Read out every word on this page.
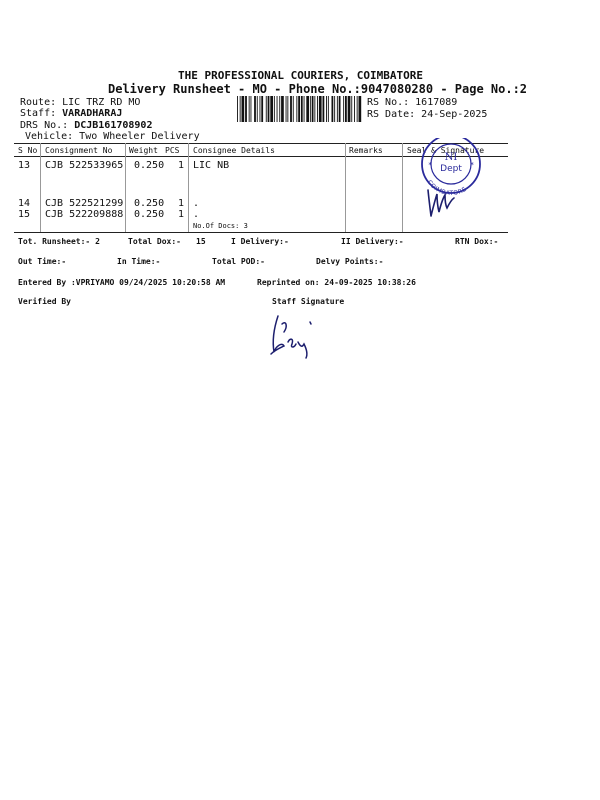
THE PROFESSIONAL COURIERS, COIMBATORE
Delivery Runsheet - MO - Phone No.:9047080280 - Page No.:2
Route: LIC TRZ RD MO
Staff: VARADHARAJ
DRS No.: DCJB161708902
Vehicle: Two Wheeler Delivery
RS No.: 1617089
RS Date: 24-Sep-2025
S No Consignment No Weight PCS Consignee Details	Remarks	Seal & Signature
13 CJB 522533965 0.250 1 LIC NB
14 CJB 522521299 0.250 1 .
15 CJB 522209888 0.250 1 .
No.Of Docs: 3
COIMBATORE
NI
Dept
*	*
Tot. Runsheet:- 2	Total Dox:- 15	I Delivery:-	II Delivery:-	RTN Dox:-
Out Time:-	In Time:-	Total POD:-	Delvy Points:-
Entered By :VPRIYAMO 09/24/2025 10:20:58 AM	Reprinted on: 24-09-2025 10:38:26
Verified By	Staff Signature
